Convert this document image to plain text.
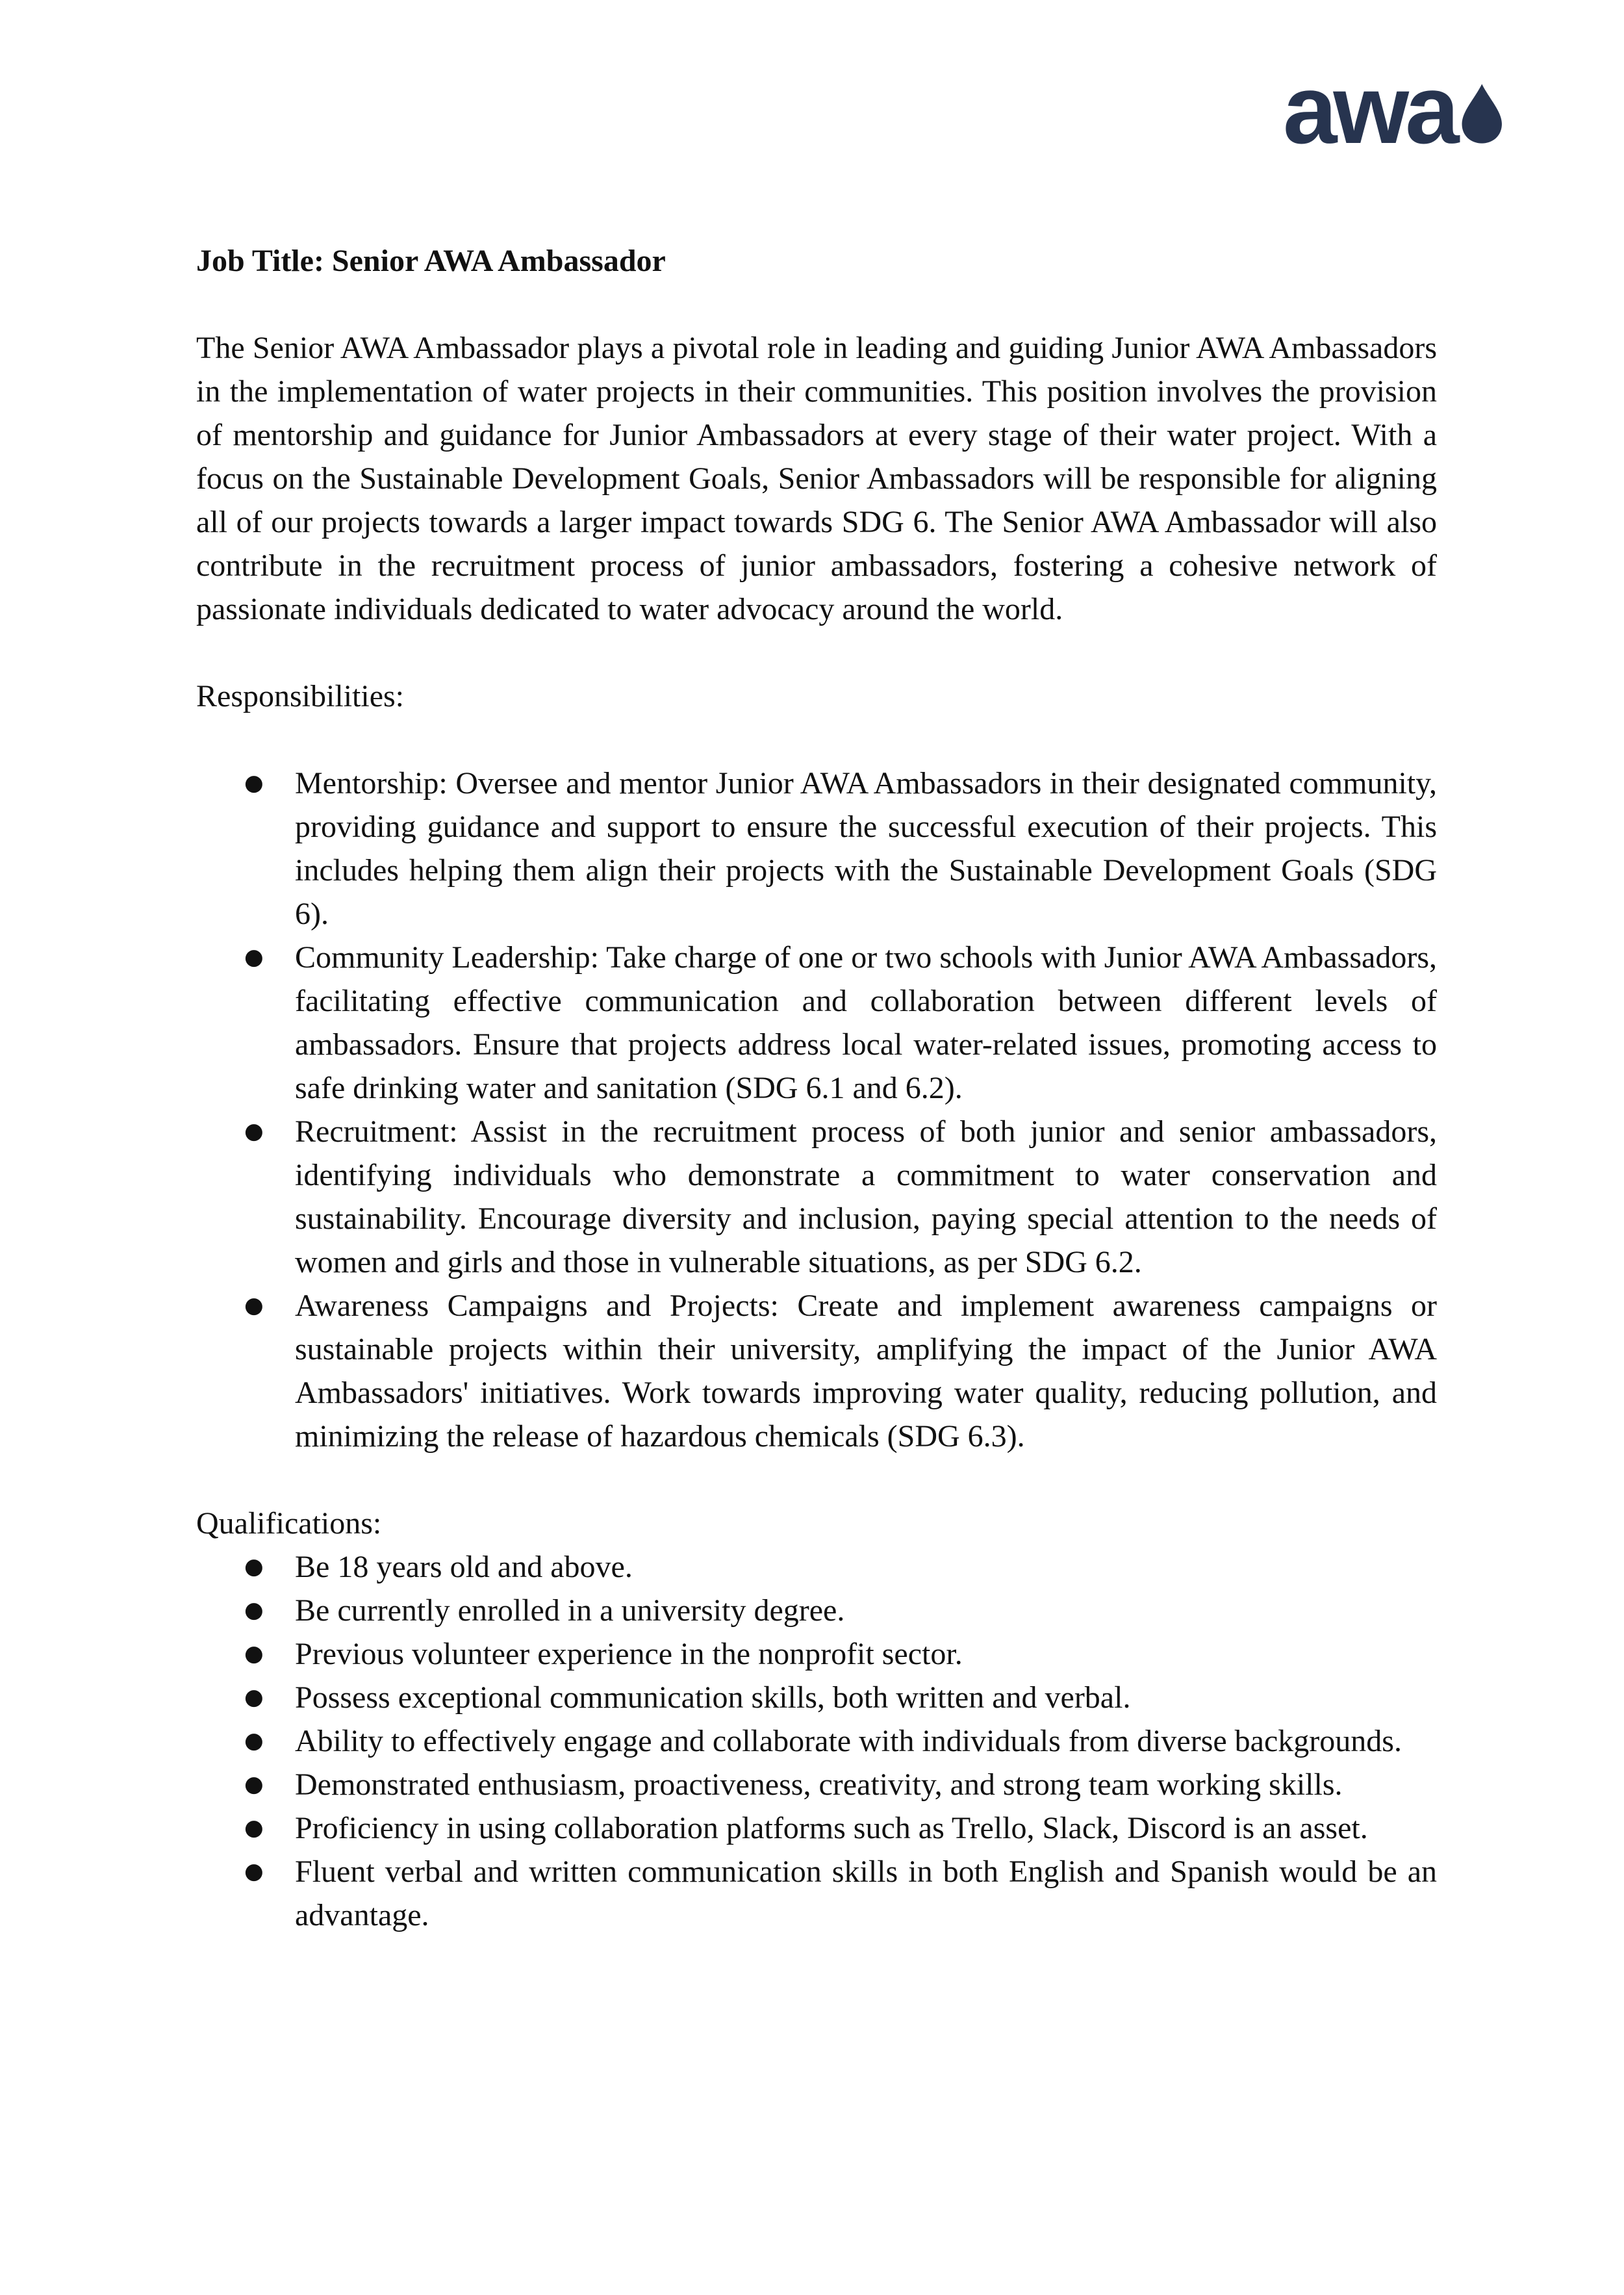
awa

Job Title: Senior AWA Ambassador

The Senior AWA Ambassador plays a pivotal role in leading and guiding Junior AWA Ambassadors in the implementation of water projects in their communities. This position involves the provision of mentorship and guidance for Junior Ambassadors at every stage of their water project. With a focus on the Sustainable Development Goals, Senior Ambassadors will be responsible for aligning all of our projects towards a larger impact towards SDG 6. The Senior AWA Ambassador will also contribute in the recruitment process of junior ambassadors, fostering a cohesive network of passionate individuals dedicated to water advocacy around the world.

Responsibilities:

● Mentorship: Oversee and mentor Junior AWA Ambassadors in their designated community, providing guidance and support to ensure the successful execution of their projects. This includes helping them align their projects with the Sustainable Development Goals (SDG 6).
● Community Leadership: Take charge of one or two schools with Junior AWA Ambassadors, facilitating effective communication and collaboration between different levels of ambassadors. Ensure that projects address local water-related issues, promoting access to safe drinking water and sanitation (SDG 6.1 and 6.2).
● Recruitment: Assist in the recruitment process of both junior and senior ambassadors, identifying individuals who demonstrate a commitment to water conservation and sustainability. Encourage diversity and inclusion, paying special attention to the needs of women and girls and those in vulnerable situations, as per SDG 6.2.
● Awareness Campaigns and Projects: Create and implement awareness campaigns or sustainable projects within their university, amplifying the impact of the Junior AWA Ambassadors' initiatives. Work towards improving water quality, reducing pollution, and minimizing the release of hazardous chemicals (SDG 6.3).

Qualifications:

● Be 18 years old and above.
● Be currently enrolled in a university degree.
● Previous volunteer experience in the nonprofit sector.
● Possess exceptional communication skills, both written and verbal.
● Ability to effectively engage and collaborate with individuals from diverse backgrounds.
● Demonstrated enthusiasm, proactiveness, creativity, and strong team working skills.
● Proficiency in using collaboration platforms such as Trello, Slack, Discord is an asset.
● Fluent verbal and written communication skills in both English and Spanish would be an advantage.
